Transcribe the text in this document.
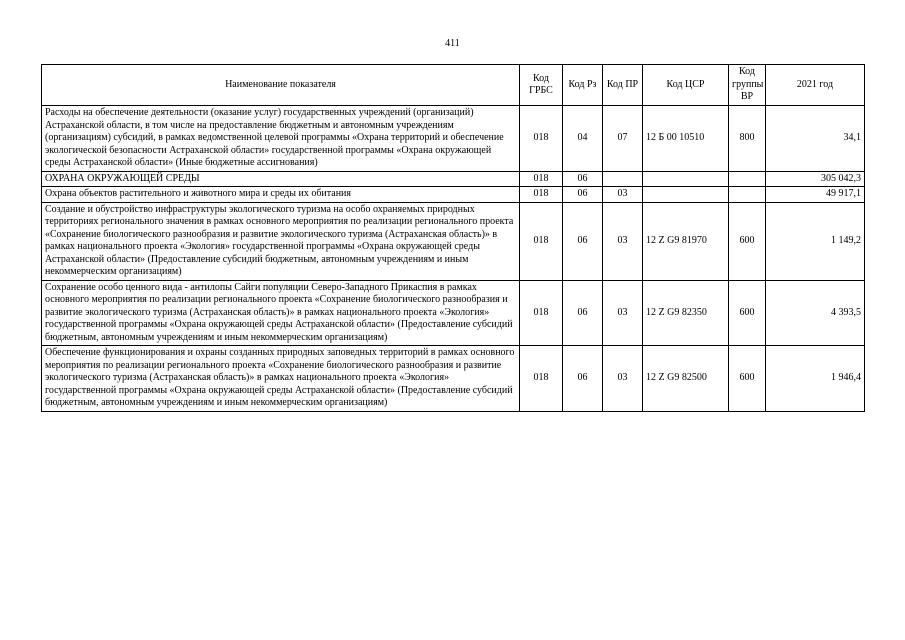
411
Наименование показателя	Код ГРБС	Код Рз	Код ПР	Код ЦСР	Код группы ВР	2021 год
Расходы на обеспечение деятельности (оказание услуг) государственных учреждений (организаций) Астраханской области, в том числе на предоставление бюджетным и автономным учреждениям (организациям) субсидий, в рамках ведомственной целевой программы «Охрана территорий и обеспечение экологической безопасности Астраханской области» государственной программы «Охрана окружающей среды Астраханской области» (Иные бюджетные ассигнования)	018	04	07	12 Б 00 10510	800	34,1
ОХРАНА ОКРУЖАЮЩЕЙ СРЕДЫ	018	06				305 042,3
Охрана объектов растительного и животного мира и среды их обитания	018	06	03			49 917,1
Создание и обустройство инфраструктуры экологического туризма на особо охраняемых природных территориях регионального значения в рамках основного мероприятия по реализации регионального проекта «Сохранение биологического разнообразия и развитие экологического туризма (Астраханская область)» в рамках национального проекта «Экология» государственной программы «Охрана окружающей среды Астраханской области» (Предоставление субсидий бюджетным, автономным учреждениям и иным некоммерческим организациям)	018	06	03	12 Z G9 81970	600	1 149,2
Сохранение особо ценного вида - антилопы Сайги популяции Северо-Западного Прикаспия в рамках основного мероприятия по реализации регионального проекта «Сохранение биологического разнообразия и развитие экологического туризма (Астраханская область)» в рамках национального проекта «Экология» государственной программы «Охрана окружающей среды Астраханской области» (Предоставление субсидий бюджетным, автономным учреждениям и иным некоммерческим организациям)	018	06	03	12 Z G9 82350	600	4 393,5
Обеспечение функционирования и охраны созданных природных заповедных территорий в рамках основного мероприятия по реализации регионального проекта «Сохранение биологического разнообразия и развитие экологического туризма (Астраханская область)» в рамках национального проекта «Экология» государственной программы «Охрана окружающей среды Астраханской области» (Предоставление субсидий бюджетным, автономным учреждениям и иным некоммерческим организациям)	018	06	03	12 Z G9 82500	600	1 946,4
